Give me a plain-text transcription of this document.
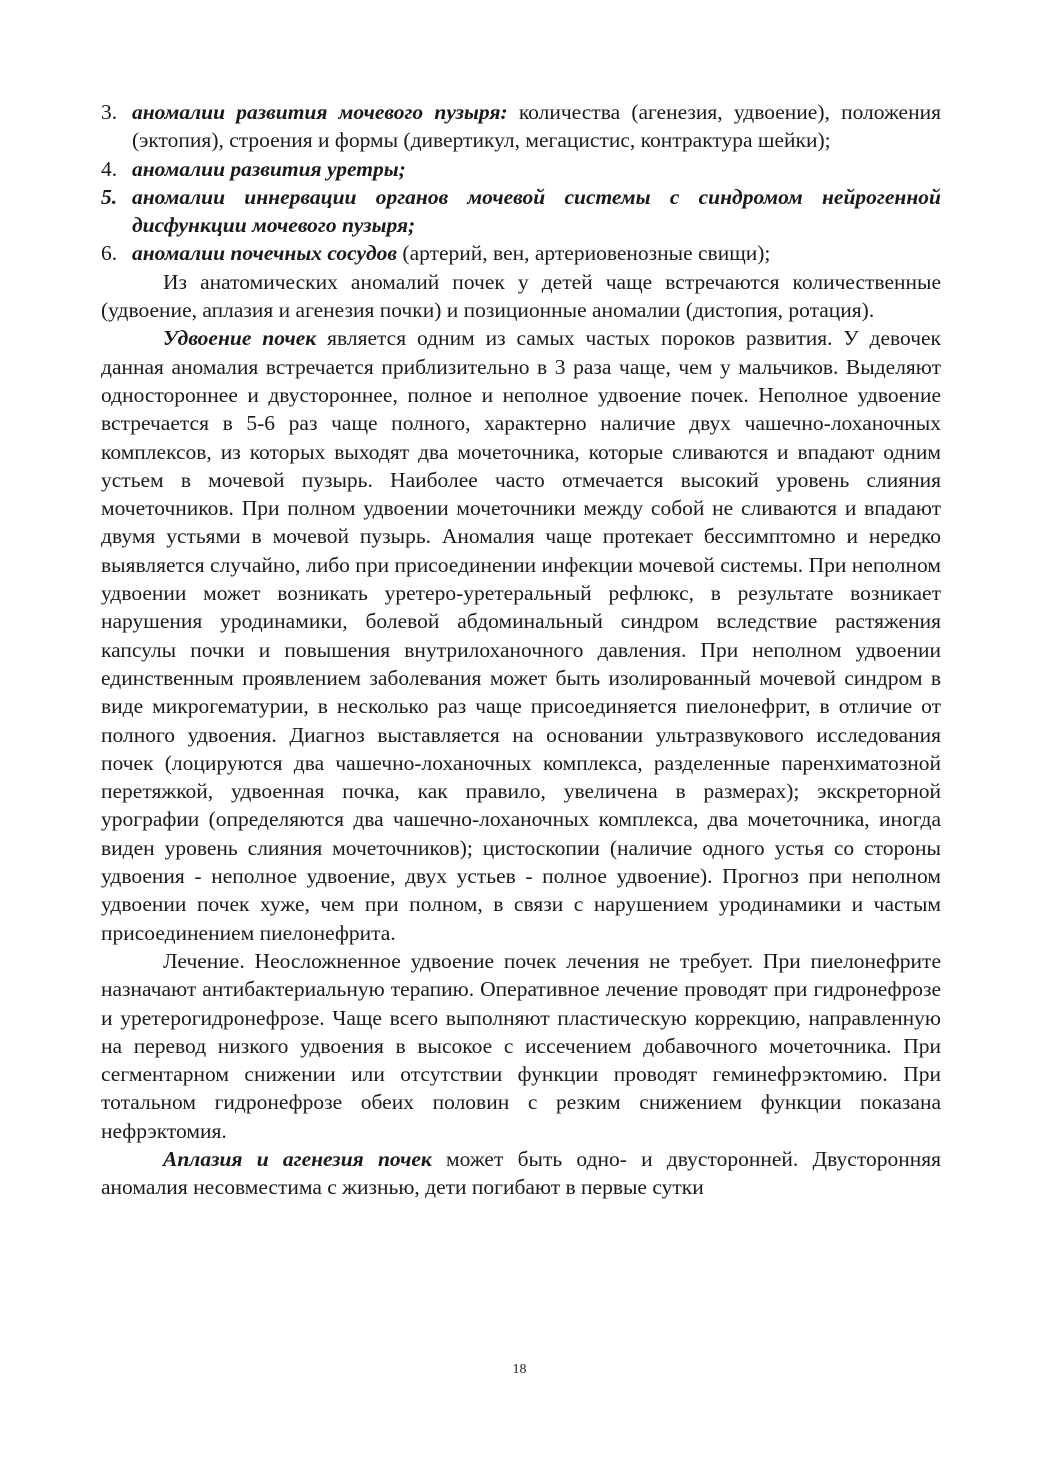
3. аномалии развития мочевого пузыря: количества (агенезия, удвоение), положения (эктопия), строения и формы (дивертикул, мегацистис, контрактура шейки);
4. аномалии развития уретры;
5. аномалии иннервации органов мочевой системы с синдромом нейрогенной дисфункции мочевого пузыря;
6. аномалии почечных сосудов (артерий, вен, артериовенозные свищи);

Из анатомических аномалий почек у детей чаще встречаются количественные (удвоение, аплазия и агенезия почки) и позиционные аномалии (дистопия, ротация).

Удвоение почек является одним из самых частых пороков развития. У девочек данная аномалия встречается приблизительно в 3 раза чаще, чем у мальчиков. Выделяют одностороннее и двустороннее, полное и неполное удвоение почек. Неполное удвоение встречается в 5-6 раз чаще полного, характерно наличие двух чашечно-лоханочных комплексов, из которых выходят два мочеточника, которые сливаются и впадают одним устьем в мочевой пузырь. Наиболее часто отмечается высокий уровень слияния мочеточников. При полном удвоении мочеточники между собой не сливаются и впадают двумя устьями в мочевой пузырь. Аномалия чаще протекает бессимптомно и нередко выявляется случайно, либо при присоединении инфекции мочевой системы. При неполном удвоении может возникать уретеро-уретеральный рефлюкс, в результате возникает нарушения уродинамики, болевой абдоминальный синдром вследствие растяжения капсулы почки и повышения внутрилоханочного давления. При неполном удвоении единственным проявлением заболевания может быть изолированный мочевой синдром в виде микрогематурии, в несколько раз чаще присоединяется пиелонефрит, в отличие от полного удвоения. Диагноз выставляется на основании ультразвукового исследования почек (лоцируются два чашечно-лоханочных комплекса, разделенные паренхиматозной перетяжкой, удвоенная почка, как правило, увеличена в размерах); экскреторной урографии (определяются два чашечно-лоханочных комплекса, два мочеточника, иногда виден уровень слияния мочеточников); цистоскопии (наличие одного устья со стороны удвоения - неполное удвоение, двух устьев - полное удвоение). Прогноз при неполном удвоении почек хуже, чем при полном, в связи с нарушением уродинамики и частым присоединением пиелонефрита.

Лечение. Неосложненное удвоение почек лечения не требует. При пиелонефрите назначают антибактериальную терапию. Оперативное лечение проводят при гидронефрозе и уретерогидронефрозе. Чаще всего выполняют пластическую коррекцию, направленную на перевод низкого удвоения в высокое с иссечением добавочного мочеточника. При сегментарном снижении или отсутствии функции проводят геминефрэктомию. При тотальном гидронефрозе обеих половин с резким снижением функции показана нефрэктомия.

Аплазия и агенезия почек может быть одно- и двусторонней. Двусторонняя аномалия несовместима с жизнью, дети погибают в первые сутки

18
